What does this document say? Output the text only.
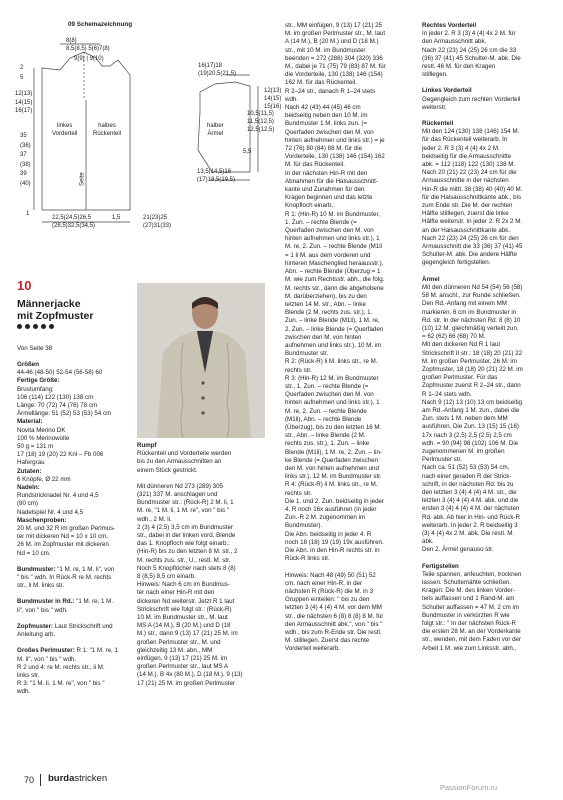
09 Schemazeichnung
8(8)
8,5(8,5) 5(6)7(8)
9(9) | 9(10)
2
5
12(13)
14(15)
16(17)
35
(36)
37
(38)
39
(40)
linkes
Vorderteil
halbes
Rückenteil
Seite
1
22,5(24,5)26,5
(28,5)32,5(34,5)
1,5	21(23)25
(27)31(33)
16(17)18
(19)20,5(21,5)
12(13)
14(15)
15(16)
10,5(11,5)
11,5(12,5)
12,5(12,5)
5,5
halber
Ärmel
13,5(14,5)16
(17)18,5(19,5)
10
Männerjacke
mit Zopfmuster
Von Seite 38
Größen
44-46 (48-50) 52-54 (56-58) 60
Fertige Größe:
Brustumfang:
106 (114) 122 (130) 138 cm
Länge: 70 (72) 74 (76) 78 cm
Ärmellänge: 51 (52) 53 (53) 54 cm
Material:
Novita Merino DK
100 % Merinowolle
50 g = 131 m
17 (18) 19 (20) 22 Knl – Fb 006
Hafergrau
Zutaten:
6 Knöpfe, Ø 22 mm
Nadeln:
Rundstricknadel Nr. 4 und 4,5
(80 cm)
Nadelspiel Nr. 4 und 4,5
Maschenproben:
20 M. und 32 R im großen Perlmus-
ter mit dickeren Nd = 10 x 10 cm.
26 M. im Zopfmuster mit dickeren
Nd = 10 cm.
Bundmuster: "1 M. re, 1 M. li", von
" bis " wdh. In Rück-R re M. rechts
str., li M. links str.
Bundmuster in Rd.: "1 M. re, 1 M.
li", von " bis " wdh.
Zopfmuster: Laut Strickschrift und
Anleitung arb.
Großes Perlmuster: R 1: "1 M. re, 1
M. li", von " bis " wdh.
R 2 und 4: re M. rechts str., li M.
links str.
R 3: "1 M. li, 1 M. re", von " bis "
wdh.
Rumpf
Rückenteil und Vorderteile werden
bis zu den Armausschnitten an
einem Stück gestrickt.
Mit dünneren Nd 273 (289) 305
(321) 337 M. anschlagen und
Bundmuster str.: (Rück-R) 2 M. li, 1
M. re, "1 M. li, 1 M. re", von " bis "
wdh., 2 M. li.
2 (3) 4 (2,5) 3,5 cm im Bundmuster
str., dabei in der linken vord. Blende
das 1. Knopfloch wie folgt einarb.:
(Hin-R) bis zu den letzten 8 M. str., 2
M. rechts zus. str., U., restl. M. str.
Noch 5 Knopflöcher nach stets 8 (8)
8 (8,5) 8,5 cm einarb.
Hinweis: Nach 6 cm im Bundmus-
ter nach einer Hin-R mit den
dickeren Nd weiterstr. Jetzt R 1 laut
Strickschrift wie folgt str.: (Rück-R)
10 M. im Bundmuster str., M. laut
MS A (14 M.), B (20 M.) und D (18
M.) str., dann 9 (13) 17 (21) 25 M. im
großen Perlmuster str., M. und
gleichzeitig 13 M. abn., MM
einfügen, 9 (13) 17 (21) 25 M. im
großen Perlmuster str., laut MS A
(14 M.), B 4x (80 M.), D (18 M.), 9 (13)
17 (21) 25 M. im großen Perlmuster
str., MM einfügen, 9 (13) 17 (21) 25
M. im großen Perlmuster str., M. laut
A (14 M.), B (20 M.) und D (18 M.)
str., mit 10 M. im Bundmuster
beenden = 272 (288) 304 (320) 336
M., dabei je 71 (75) 79 (83) 87 M. für
die Vorderteile, 130 (138) 146 (154)
162 M. für das Rückenteil.
R 2–24 str., danach R 1–24 stets
wdh.
Nach 42 (43) 44 (45) 46 cm
beidseitig neben den 10 M. im
Bundmuster 1 M. links zun. (=
Querfaden zwischen den M. von
hinten aufnehmen und links str.) = je
72 (76) 80 (84) 88 M. für die
Vorderteile, 130 (138) 146 (154) 162
M. für das Rückenteil.
In der nächsten Hin-R mit den
Abnahmen für die Halsausschnitt-
kante und Zunahmen für den
Kragen beginnen und das letzte
Knopfloch einarb.:
R 1: (Hin-R) 10 M. im Bundmuster,
1. Zun. – rechte Blende (=
Querfaden zwischen den M. von
hinten aufnehmen und links str.), 1
M. re, 2. Zun. – rechte Blende (M1li
= 1 li M. aus dem vorderen und
hinteren Maschenglied heraausstr.),
Abn. – rechte Blende (Überzug = 1
M. wie zum Rechtsstr. abh., die folg.
M. rechts str., dann die abgehobene
M. darüberziehen), bis zu den
letzten 14 M. str., Abn. – linke
Blende (2 M. rechts zus. str.), 1.
Zun. – linke Blende (M1li), 1 M. re,
2. Zun. – linke Blende (= Querfaden
zwischen den M. von hinten
aufnehmen und links str.), 10 M. im
Bundmuster str.
R 2: (Rück-R) li M. links str., re M.
rechts str.
R 3: (Hin-R) 12 M. im Bundmuster
str., 1. Zun. – rechte Blende (=
Querfaden zwischen den M. von
hinten aufnehmen und links str.), 1
M. re, 2. Zun. – rechte Blende
(M1li), Abn. – rechte Blende
(Überzug), bis zu den letzten 16 M.
str., Abn. – linke Blende (2 M.
rechts zus. str.), 1. Zun. – linke
Blende (M1li), 1 M. re, 2. Zun. – lin-
ke Blende (= Querfaden zwischen
den M. von hinten aufnehmen und
links str.), 12 M. im Bundmuster str.
R 4: (Rück-R) li M. links str., re M.
rechts str.
Die 1. und 2. Zun. beidseitig in jeder
4. R noch 16x ausführen (in jeder
Zun.-R 2 M. zugenommen im
Bundmuster).
Die Abn. beidseitig in jeder 4. R
noch 18 (18) 19 (19) 19x ausführen.
Die Abn. in den Hin-R rechts str. in
Rück-R links str.

Hinweis: Nach 48 (49) 50 (51) 52
cm, nach einer Hin-R, in der
nächsten R (Rück-R) die M. in 3
Gruppen einteilen: " bis zu den
letzten 3 (4) 4 (4) 4 M. vor dem MM
str., die nächsten 6 (8) 8 (8) 8 M. für
den Armausschnitt abk.", von " bis "
wdh., bis zum R-Ende str. Die restl.
M. stilllegen. Zuerst das rechte
Vorderteil weiterarb.
Rechtes Vorderteil
In jeder 2. R 3 (3) 4 (4) 4x 2 M. für
den Armausschnitt abk.
Nach 22 (23) 24 (25) 26 cm die 33
(36) 37 (41) 45 Schulter-M. abk. Die
restl. 46 M. für den Kragen
stilllegen.
Linkes Vorderteil
Gegengleich zum rechten Vorderteil
weiterstr.
Rückenteil
Mit den 124 (130) 138 (146) 154 M.
für das Rückenteil weiterarb. In
jeder 2. R 3 (3) 4 (4) 4x 2 M.
beidseitig für die Armausschnitte
abk. = 112 (118) 122 (130) 138 M.
Nach 20 (21) 22 (23) 24 cm für die
Armausschnitte in der nächsten
Hin-R die mittl. 38 (38) 40 (40) 40 M.
für die Halsausschnittkante abk., bis
zum Ende str. Die M. der rechten
Hälfte stilllegen, zuerst die linke
Hälfte weiterstr. In jeder 2. R 2x 2 M.
an der Halsausschnittkante abk.
Nach 22 (23) 24 (25) 26 cm für den
Armausschnitt die 33 (36) 37 (41) 45
Schulter-M. abk. Die andere Hälfte
gegengleich fertigstellen.
Ärmel
Mit den dünneren Nd 54 (54) 56 (58)
58 M. anschl., zur Runde schließen.
Den Rd.-Anfang mit einem MM
markieren. 6 cm im Bundmuster in
Rd. str. In der nächsten Rd. 8 (8) 10
(10) 12 M. gleichmäßig verteilt zun.
= 62 (62) 66 (68) 70 M.
Mit den dickeren Nd R 1 laut
Strickschrift II str.: 18 (18) 20 (21) 22
M. im großen Perlmuster, 26 M. im
Zopfmuster, 18 (18) 20 (21) 22 M. im
großen Perlmuster. Für das
Zopfmuster zuerst R 2–24 str., dann
R 1–24 stets wdh.
Nach 9 (12) 13 (10) 13 cm beidseitig
am Rd.-Anfang 1 M. zun., dabei die
Zun. stets 1 M. neben dem MM
ausführen. Die Zun. 13 (15) 15 (16)
17x nach 3 (2,5) 2,5 (2,5) 2,5 cm
wdh. = 90 (94) 98 (102) 106 M. Die
zugenommenen M. im großen
Perlmuster str.
Nach ca. 51 (52) 53 (53) 54 cm,
nach einer geraden R der Strick-
schrift, in der nächsten Rd. bis zu
den letzten 3 (4) 4 (4) 4 M. str., die
letzten 3 (4) 4 (4) 4 M. abk. und die
ersten 3 (4) 4 (4) 4 M. der nächsten
Rd. abk. Ab hier in Hin- und Rück-R
weiterarb. In jeder 2. R beidseitig 3
(3) 4 (4) 4x 2 M. abk. Die restl. M.
abk.
Den 2. Ärmel genauso str.
Fertigstellen
Teile spannen, anfeuchten, trocknen
lassen. Schultemähte schließen.
Kragen: Die M. des linken Vorder-
teils auffassen und 1 Rand-M. am
Schulter auffassen = 47 M. 2 cm im
Bundmuster in verkürzten R wie
folgt str.: " In der nächsten Rück-R
die ersten 28 M. an der Vorderkante
str., wenden, mit dem Faden vor der
Arbeit 1 M. wie zum Linksstr. abh.,
70 burdastricken
PassionForum.ru
